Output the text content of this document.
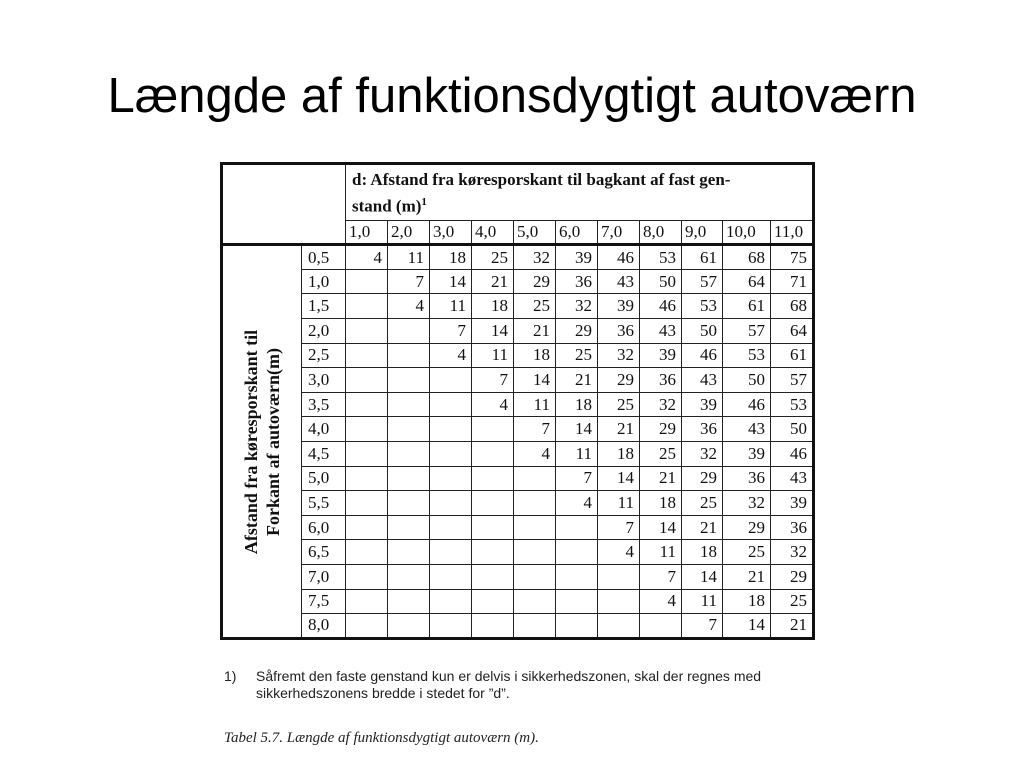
Længde af funktionsdygtigt autoværn
		d: Afstand fra køresporskant til bagkant af fast gen-
stand $(m)^1$
		1,0	2,0	3,0	4,0	5,0	6,0	7,0	8,0	9,0	10,0	11,0

Afstand fra køresporskant til Forkant af autoværn(m)	0,5	4	11	18	25	32	39	46	53	61	68	75
	1,0		7	14	21	29	36	43	50	57	64	71
	1,5		4	11	18	25	32	39	46	53	61	68
	2,0			7	14	21	29	36	43	50	57	64
	2,5			4	11	18	25	32	39	46	53	61
	3,0				7	14	21	29	36	43	50	57
	3,5				4	11	18	25	32	39	46	53
	4,0					7	14	21	29	36	43	50
	4,5					4	11	18	25	32	39	46
	5,0						7	14	21	29	36	43
	5,5						4	11	18	25	32	39
	6,0							7	14	21	29	36
	6,5							4	11	18	25	32
	7,0								7	14	21	29
	7,5								4	11	18	25
	8,0									7	14	21
1) Såfremt den faste genstand kun er delvis i sikkerhedszonen, skal der regnes med sikkerhedszonens bredde i stedet for ”d”.
Tabel 5.7. Længde af funktionsdygtigt autoværn (m).
